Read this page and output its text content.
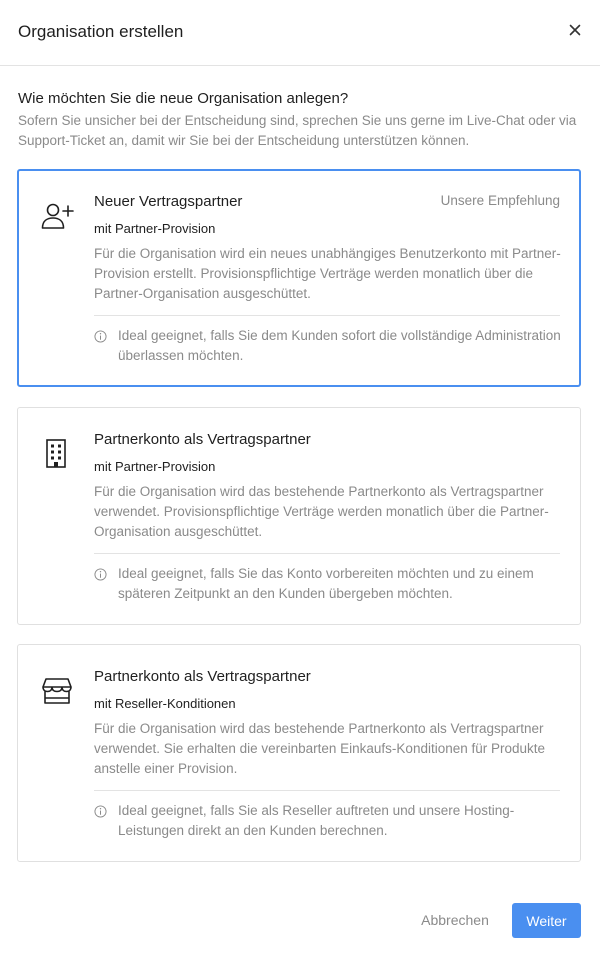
Organisation erstellen
Wie möchten Sie die neue Organisation anlegen?
Sofern Sie unsicher bei der Entscheidung sind, sprechen Sie uns gerne im Live-Chat oder via Support-Ticket an, damit wir Sie bei der Entscheidung unterstützen können.
Neuer Vertragspartner	Unsere Empfehlung
mit Partner-Provision
Für die Organisation wird ein neues unabhängiges Benutzerkonto mit Partner-Provision erstellt. Provisionspflichtige Verträge werden monatlich über die Partner-Organisation ausgeschüttet.
Ideal geeignet, falls Sie dem Kunden sofort die vollständige Administration überlassen möchten.
Partnerkonto als Vertragspartner
mit Partner-Provision
Für die Organisation wird das bestehende Partnerkonto als Vertragspartner verwendet. Provisionspflichtige Verträge werden monatlich über die Partner-Organisation ausgeschüttet.
Ideal geeignet, falls Sie das Konto vorbereiten möchten und zu einem späteren Zeitpunkt an den Kunden übergeben möchten.
Partnerkonto als Vertragspartner
mit Reseller-Konditionen
Für die Organisation wird das bestehende Partnerkonto als Vertragspartner verwendet. Sie erhalten die vereinbarten Einkaufs-Konditionen für Produkte anstelle einer Provision.
Ideal geeignet, falls Sie als Reseller auftreten und unsere Hosting-Leistungen direkt an den Kunden berechnen.
Abbrechen	Weiter
